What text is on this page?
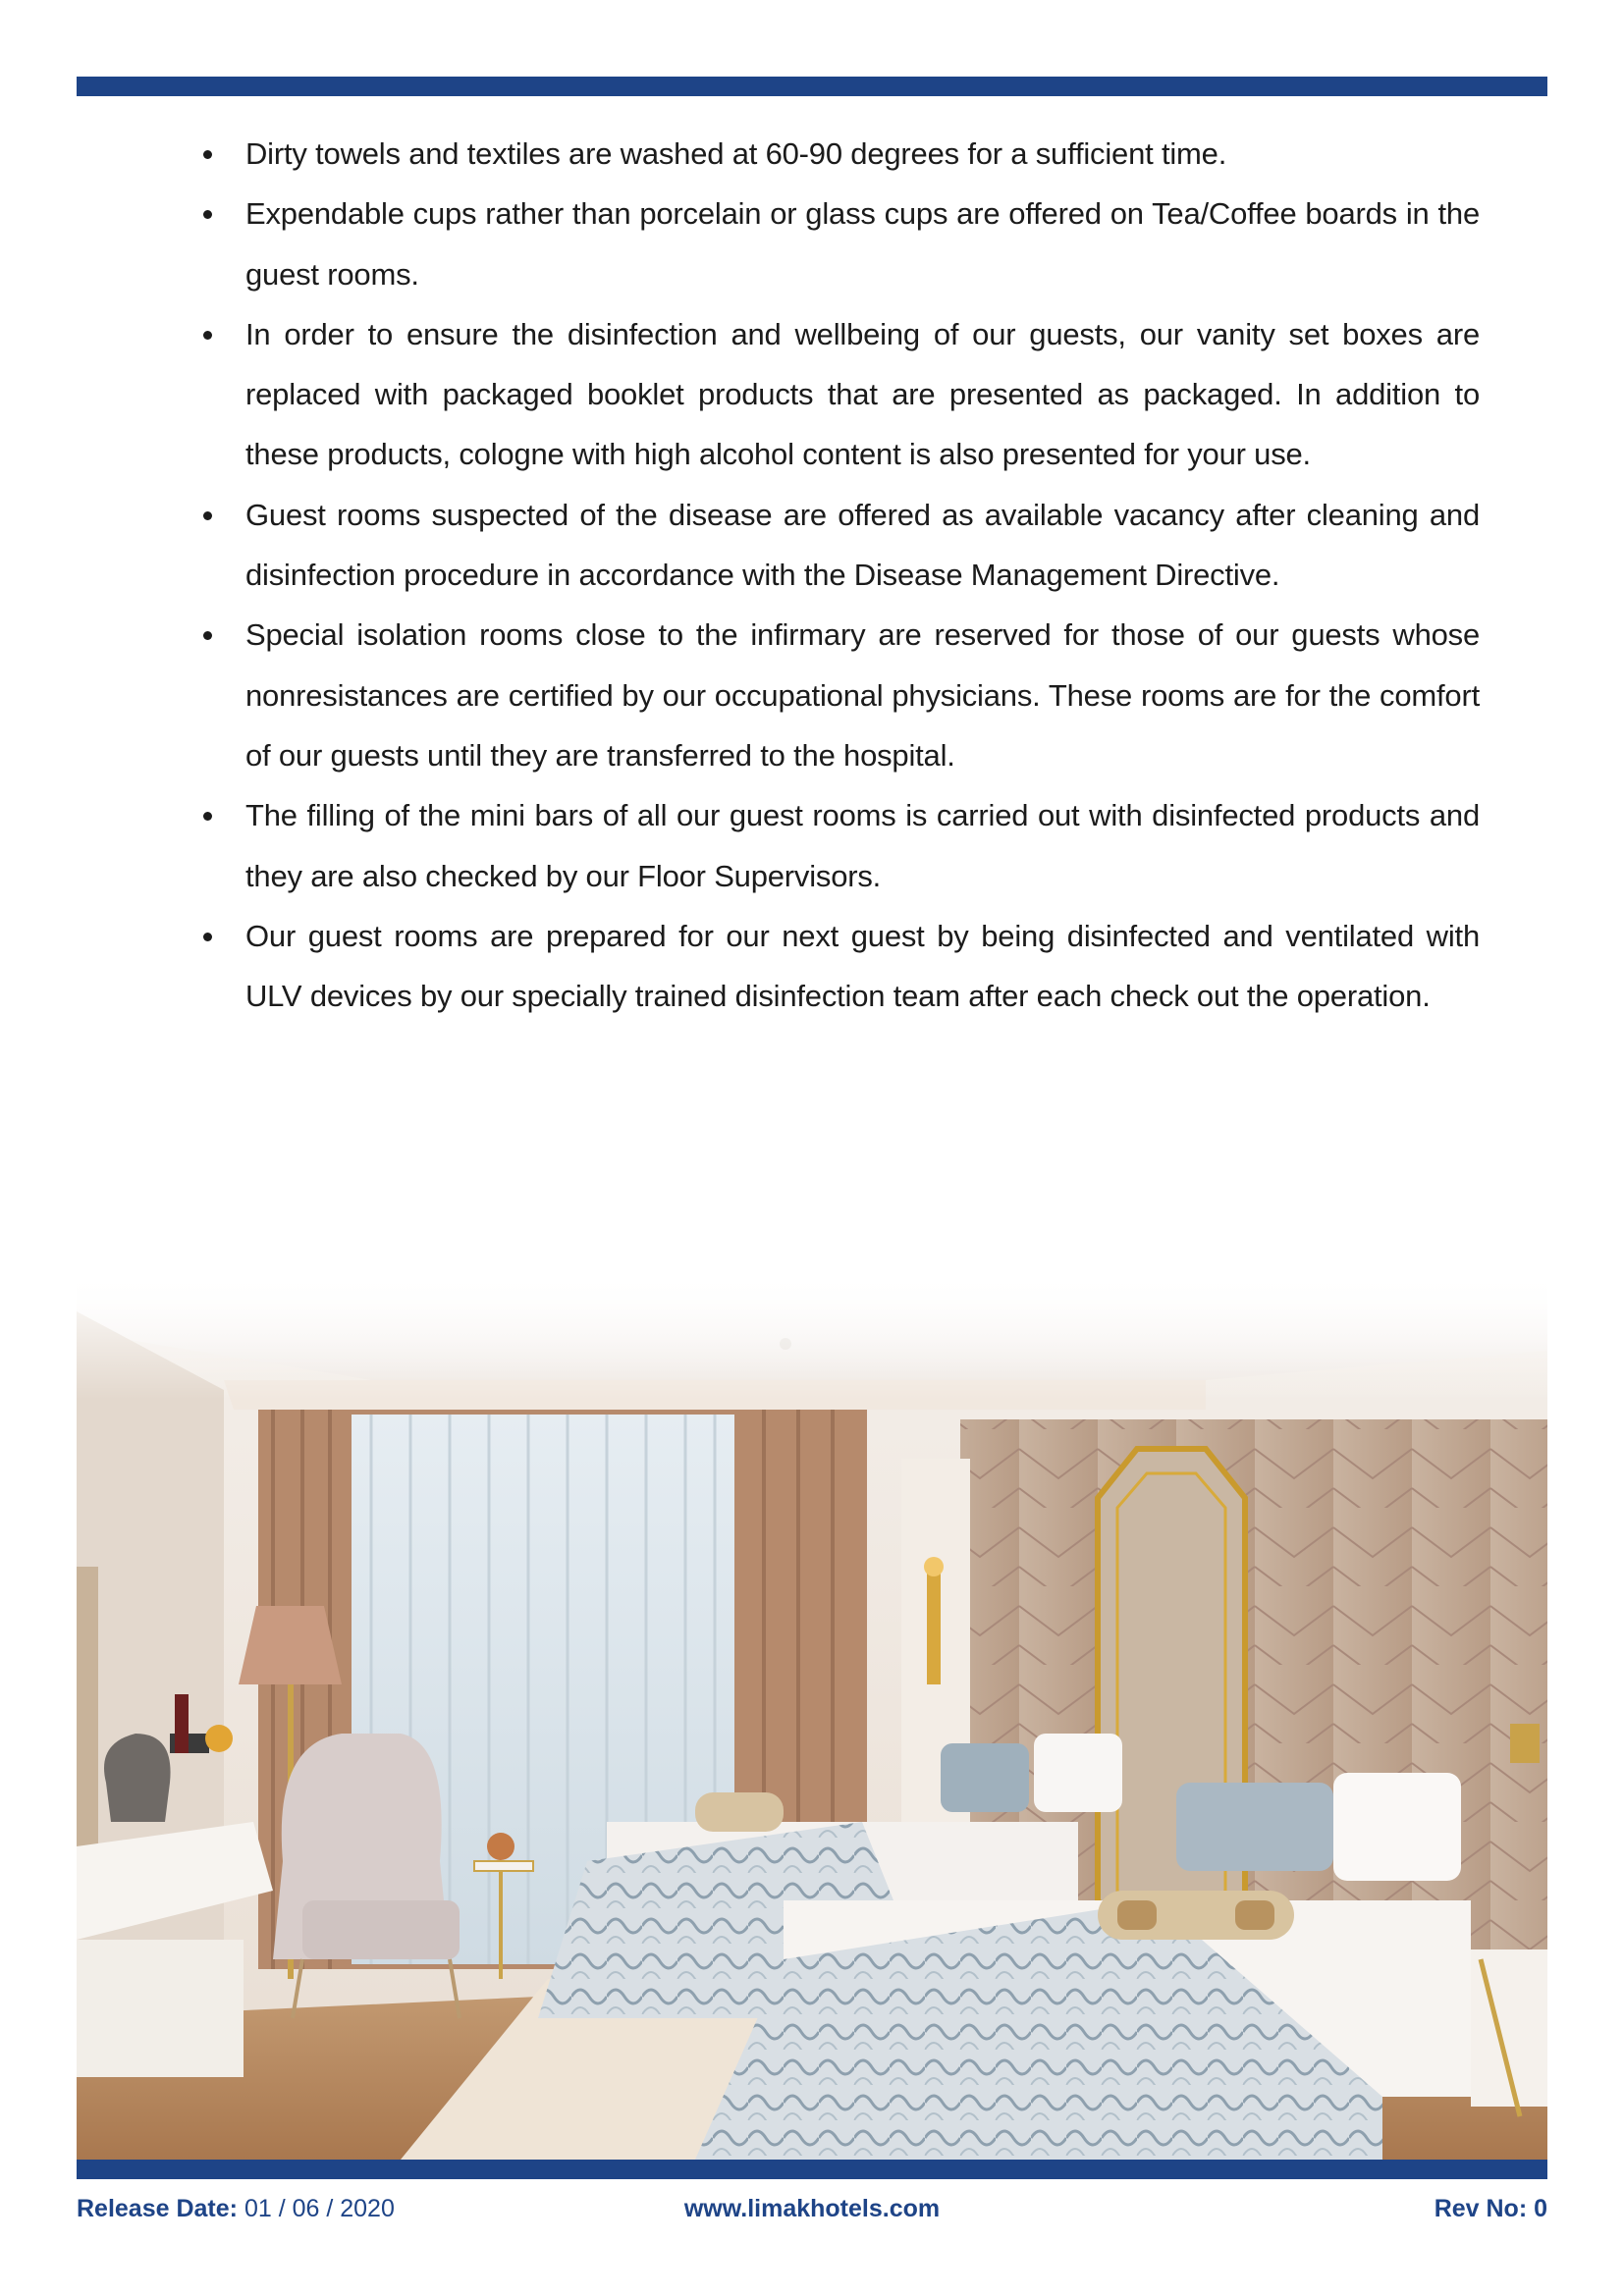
Dirty towels and textiles are washed at 60-90 degrees for a sufficient time.
Expendable cups rather than porcelain or glass cups are offered on Tea/Coffee boards in the guest rooms.
In order to ensure the disinfection and wellbeing of our guests, our vanity set boxes are replaced with packaged booklet products that are presented as packaged. In addition to these products, cologne with high alcohol content is also presented for your use.
Guest rooms suspected of the disease are offered as available vacancy after cleaning and disinfection procedure in accordance with the Disease Management Directive.
Special isolation rooms close to the infirmary are reserved for those of our guests whose nonresistances are certified by our occupational physicians. These rooms are for the comfort of our guests until they are transferred to the hospital.
The filling of the mini bars of all our guest rooms is carried out with disinfected products and they are also checked by our Floor Supervisors.
Our guest rooms are prepared for our next guest by being disinfected and ventilated with ULV devices by our specially trained disinfection team after each check out the operation.
Release Date: 01 / 06 / 2020	www.limakhotels.com	Rev No: 0
